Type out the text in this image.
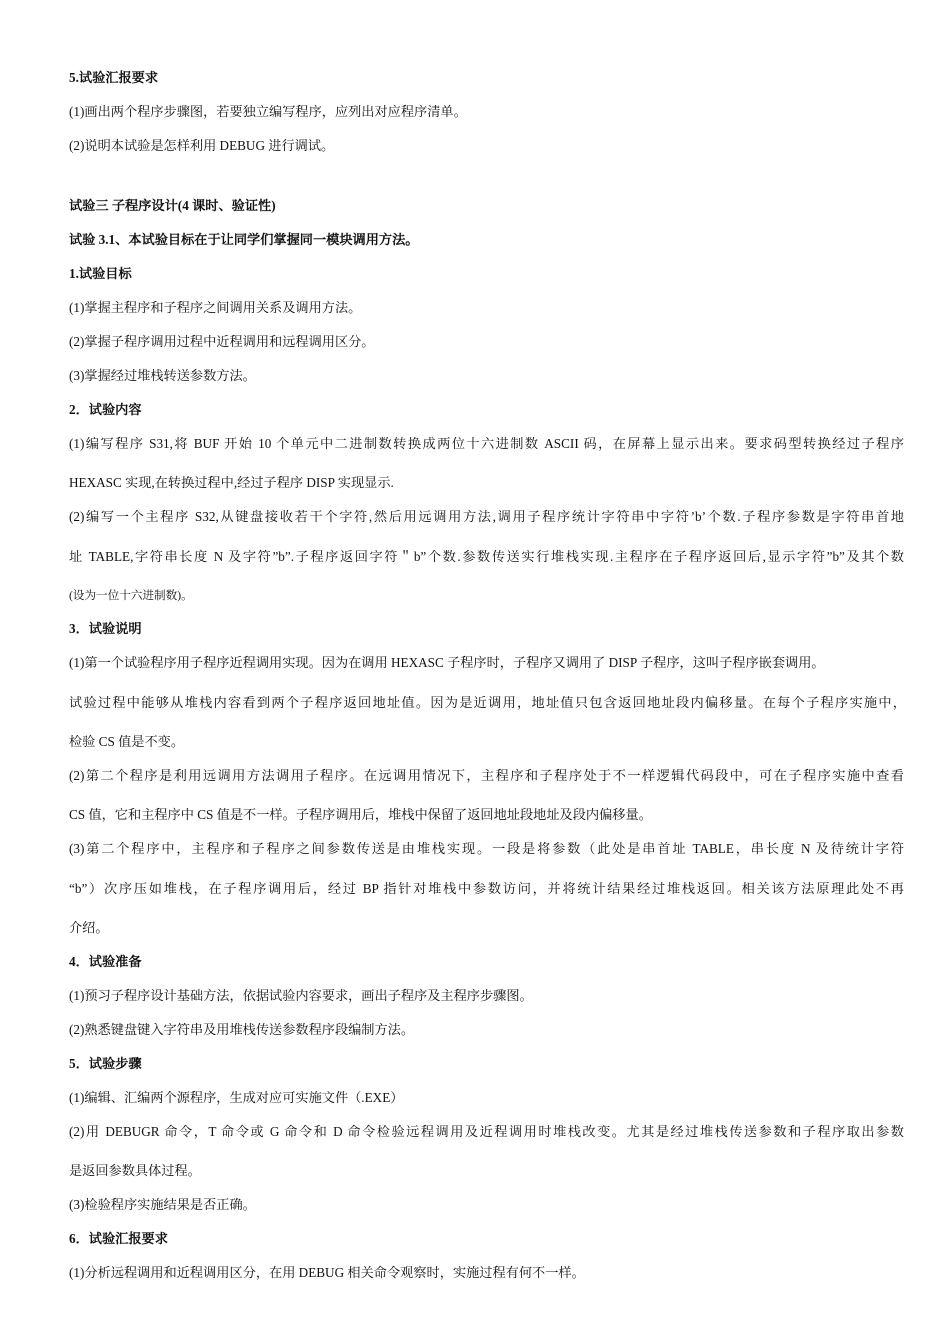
5.试验汇报要求
(1)画出两个程序步骤图，若要独立编写程序，应列出对应程序清单。
(2)说明本试验是怎样利用 DEBUG 进行调试。
试验三 子程序设计(4 课时、验证性)
试验 3.1、本试验目标在于让同学们掌握同一模块调用方法。
1.试验目标
(1)掌握主程序和子程序之间调用关系及调用方法。
(2)掌握子程序调用过程中近程调用和远程调用区分。
(3)掌握经过堆栈转送参数方法。
2．试验内容
(1)编写程序 S31,将 BUF 开始 10 个单元中二进制数转换成两位十六进制数 ASCII 码，在屏幕上显示出来。要求码型转换经过子程序
HEXASC 实现,在转换过程中,经过子程序 DISP 实现显示.
(2)编写一个主程序 S32,从键盘接收若干个字符,然后用远调用方法,调用子程序统计字符串中字符’b’个数.子程序参数是字符串首地
址 TABLE,字符串长度 N 及字符”b”.子程序返回字符＂b”个数.参数传送实行堆栈实现.主程序在子程序返回后,显示字符”b”及其个数
(设为一位十六进制数)。
3．试验说明
(1)第一个试验程序用子程序近程调用实现。因为在调用 HEXASC 子程序时，子程序又调用了 DISP 子程序，这叫子程序嵌套调用。
试验过程中能够从堆栈内容看到两个子程序返回地址值。因为是近调用，地址值只包含返回地址段内偏移量。在每个子程序实施中，
检验 CS 值是不变。
(2)第二个程序是利用远调用方法调用子程序。在远调用情况下，主程序和子程序处于不一样逻辑代码段中，可在子程序实施中查看
CS 值，它和主程序中 CS 值是不一样。子程序调用后，堆栈中保留了返回地址段地址及段内偏移量。
(3)第二个程序中，主程序和子程序之间参数传送是由堆栈实现。一段是将参数（此处是串首址 TABLE，串长度 N 及待统计字符
“b”）次序压如堆栈，在子程序调用后，经过 BP 指针对堆栈中参数访问，并将统计结果经过堆栈返回。相关该方法原理此处不再
介绍。
4．试验准备
(1)预习子程序设计基础方法，依据试验内容要求，画出子程序及主程序步骤图。
(2)熟悉键盘键入字符串及用堆栈传送参数程序段编制方法。
5．试验步骤
(1)编辑、汇编两个源程序，生成对应可实施文件（.EXE）
(2)用 DEBUGR 命令，T 命令或 G 命令和 D 命令检验远程调用及近程调用时堆栈改变。尤其是经过堆栈传送参数和子程序取出参数
是返回参数具体过程。
(3)检验程序实施结果是否正确。
6．试验汇报要求
(1)分析远程调用和近程调用区分，在用 DEBUG 相关命令观察时，实施过程有何不一样。
